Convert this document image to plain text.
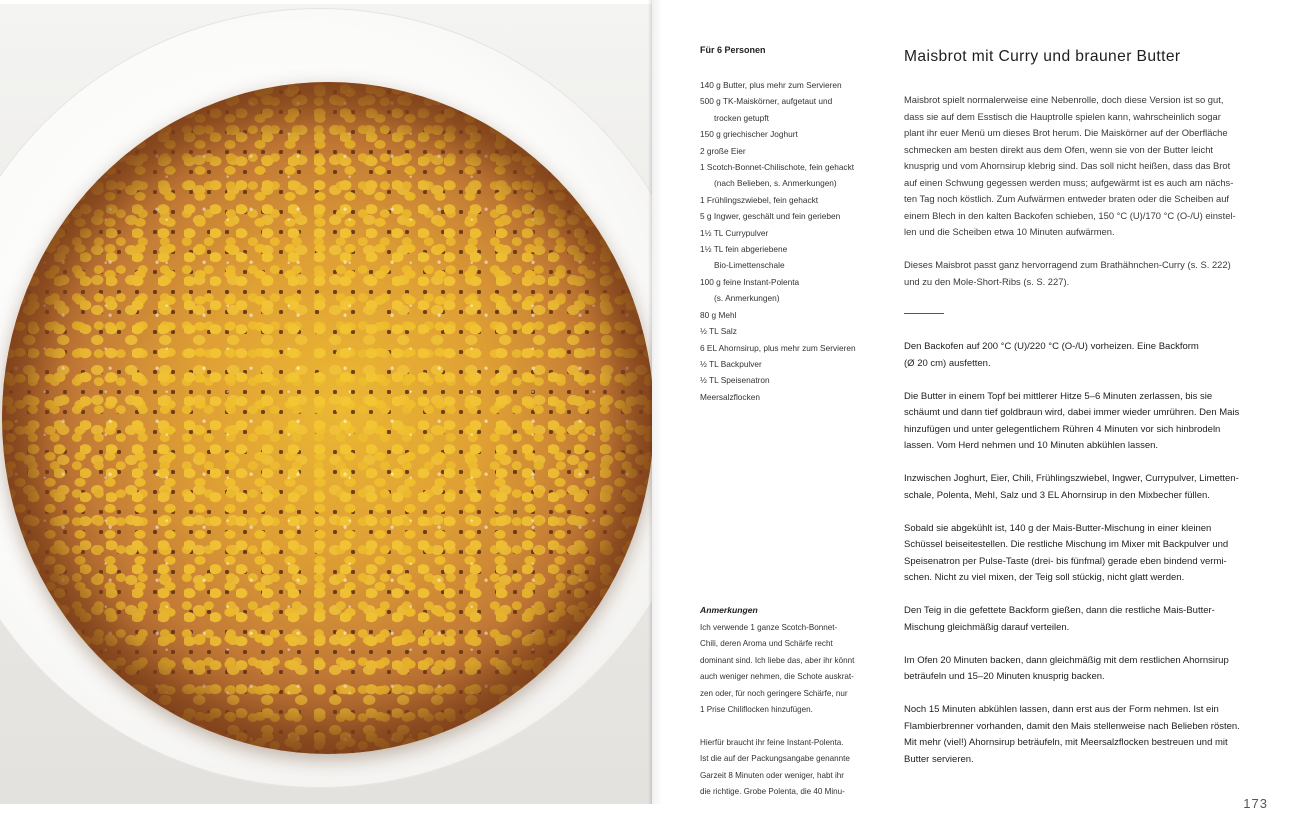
Für 6 Personen
140 g Butter, plus mehr zum Servieren
500 g TK-Maiskörner, aufgetaut und
trocken getupft
150 g griechischer Joghurt
2 große Eier
1 Scotch-Bonnet-Chilischote, fein gehackt
(nach Belieben, s. Anmerkungen)
1 Frühlingszwiebel, fein gehackt
5 g Ingwer, geschält und fein gerieben
1½ TL Currypulver
1½ TL fein abgeriebene
Bio-Limettenschale
100 g feine Instant-Polenta
(s. Anmerkungen)
80 g Mehl
½ TL Salz
6 EL Ahornsirup, plus mehr zum Servieren
½ TL Backpulver
½ TL Speisenatron
Meersalzflocken
Anmerkungen

Ich verwende 1 ganze Scotch-Bonnet-
Chili, deren Aroma und Schärfe recht
dominant sind. Ich liebe das, aber ihr könnt
auch weniger nehmen, die Schote auskrat-
zen oder, für noch geringere Schärfe, nur
1 Prise Chiliflocken hinzufügen.

Hierfür braucht ihr feine Instant-Polenta.
Ist die auf der Packungsangabe genannte
Garzeit 8 Minuten oder weniger, habt ihr
die richtige. Grobe Polenta, die 40 Minu-

Maisbrot mit Curry und brauner Butter
Maisbrot spielt normalerweise eine Nebenrolle, doch diese Version ist so gut,
dass sie auf dem Esstisch die Hauptrolle spielen kann, wahrscheinlich sogar
plant ihr euer Menü um dieses Brot herum. Die Maiskörner auf der Oberfläche
schmecken am besten direkt aus dem Ofen, wenn sie von der Butter leicht
knusprig und vom Ahornsirup klebrig sind. Das soll nicht heißen, dass das Brot
auf einen Schwung gegessen werden muss; aufgewärmt ist es auch am nächs-
ten Tag noch köstlich. Zum Aufwärmen entweder braten oder die Scheiben auf
einem Blech in den kalten Backofen schieben, 150 °C (U)/170 °C (O-/U) einstel-
len und die Scheiben etwa 10 Minuten aufwärmen.
Dieses Maisbrot passt ganz hervorragend zum Brathähnchen-Curry (s. S. 222)
und zu den Mole-Short-Ribs (s. S. 227).
Den Backofen auf 200 °C (U)/220 °C (O-/U) vorheizen. Eine Backform
(Ø 20 cm) ausfetten.
Die Butter in einem Topf bei mittlerer Hitze 5–6 Minuten zerlassen, bis sie
schäumt und dann tief goldbraun wird, dabei immer wieder umrühren. Den Mais
hinzufügen und unter gelegentlichem Rühren 4 Minuten vor sich hinbrodeln
lassen. Vom Herd nehmen und 10 Minuten abkühlen lassen.
Inzwischen Joghurt, Eier, Chili, Frühlingszwiebel, Ingwer, Currypulver, Limetten-
schale, Polenta, Mehl, Salz und 3 EL Ahornsirup in den Mixbecher füllen.
Sobald sie abgekühlt ist, 140 g der Mais-Butter-Mischung in einer kleinen
Schüssel beiseitestellen. Die restliche Mischung im Mixer mit Backpulver und
Speisenatron per Pulse-Taste (drei- bis fünfmal) gerade eben bindend vermi-
schen. Nicht zu viel mixen, der Teig soll stückig, nicht glatt werden.
Den Teig in die gefettete Backform gießen, dann die restliche Mais-Butter-
Mischung gleichmäßig darauf verteilen.
Im Ofen 20 Minuten backen, dann gleichmäßig mit dem restlichen Ahornsirup
beträufeln und 15–20 Minuten knusprig backen.
Noch 15 Minuten abkühlen lassen, dann erst aus der Form nehmen. Ist ein
Flambierbrenner vorhanden, damit den Mais stellenweise nach Belieben rösten.
Mit mehr (viel!) Ahornsirup beträufeln, mit Meersalzflocken bestreuen und mit
Butter servieren.
173
